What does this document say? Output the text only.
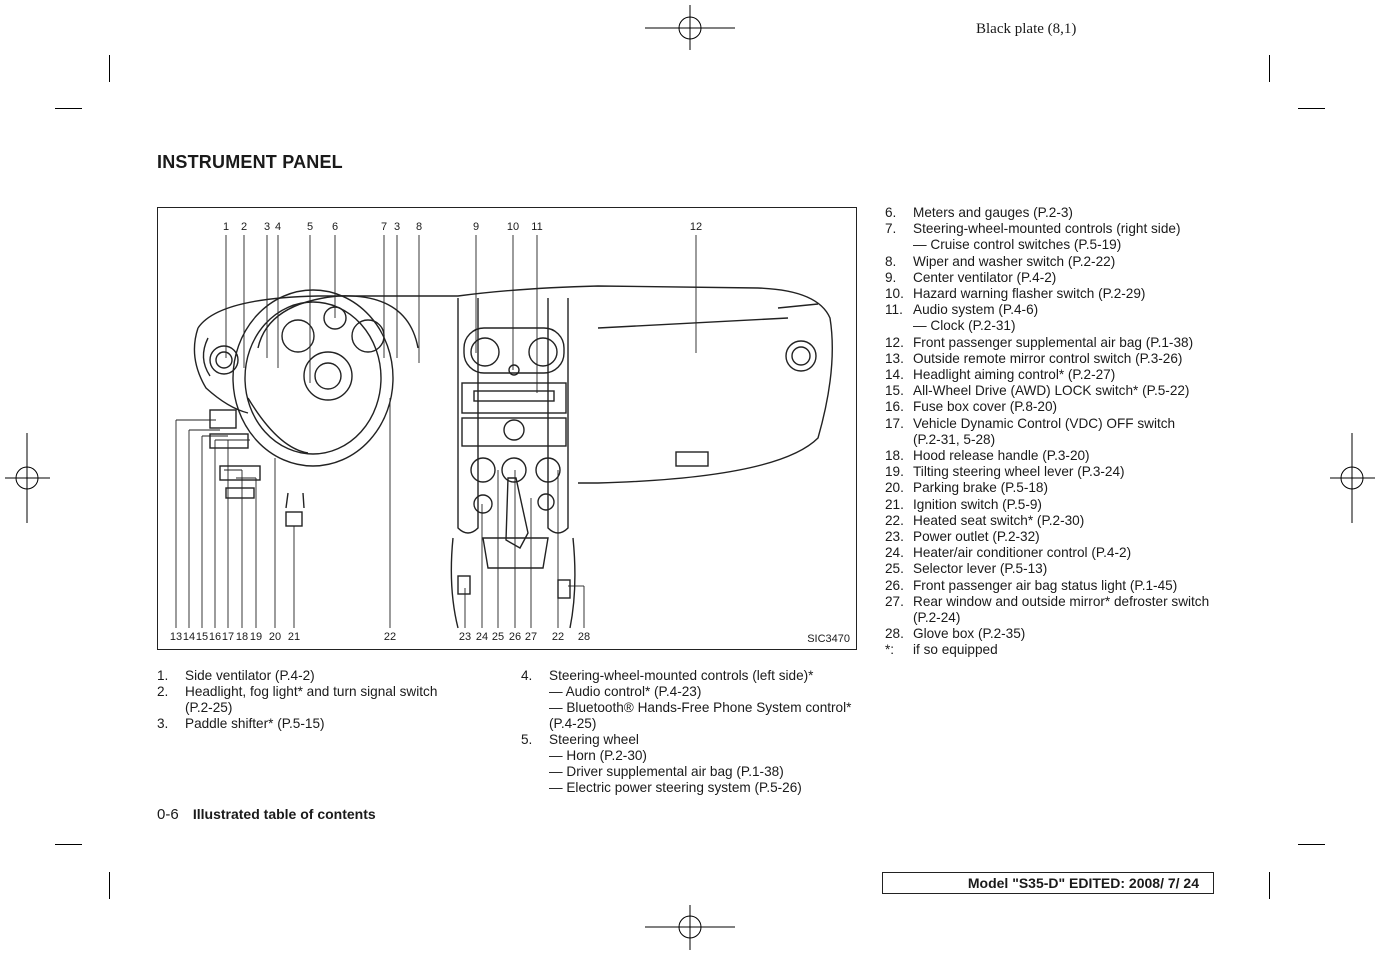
Black plate (8,1)
INSTRUMENT PANEL
1 2 3 4 5 6	7 3 8	9	10 11	12
13 14 15 16 17 18 19 20 21	22	23 24 25 26 27 22 28	SIC3470
1.	Side ventilator (P.4-2)
2.	Headlight, fog light* and turn signal switch
(P.2-25)
3.	Paddle shifter* (P.5-15)
4.	Steering-wheel-mounted controls (left side)*
— Audio control* (P.4-23)
— Bluetooth® Hands-Free Phone System control*
(P.4-25)
5.	Steering wheel
— Horn (P.2-30)
— Driver supplemental air bag (P.1-38)
— Electric power steering system (P.5-26)
6.	Meters and gauges (P.2-3)
7.	Steering-wheel-mounted controls (right side)
— Cruise control switches (P.5-19)
8.	Wiper and washer switch (P.2-22)
9.	Center ventilator (P.4-2)
10. Hazard warning flasher switch (P.2-29)
11. Audio system (P.4-6)
— Clock (P.2-31)
12. Front passenger supplemental air bag (P.1-38)
13. Outside remote mirror control switch (P.3-26)
14. Headlight aiming control* (P.2-27)
15. All-Wheel Drive (AWD) LOCK switch* (P.5-22)
16. Fuse box cover (P.8-20)
17. Vehicle Dynamic Control (VDC) OFF switch
(P.2-31, 5-28)
18. Hood release handle (P.3-20)
19. Tilting steering wheel lever (P.3-24)
20. Parking brake (P.5-18)
21. Ignition switch (P.5-9)
22. Heated seat switch* (P.2-30)
23. Power outlet (P.2-32)
24. Heater/air conditioner control (P.4-2)
25. Selector lever (P.5-13)
26. Front passenger air bag status light (P.1-45)
27. Rear window and outside mirror* defroster switch
(P.2-24)
28. Glove box (P.2-35)
*:	if so equipped
0-6 Illustrated table of contents
Model "S35-D" EDITED: 2008/ 7/ 24
